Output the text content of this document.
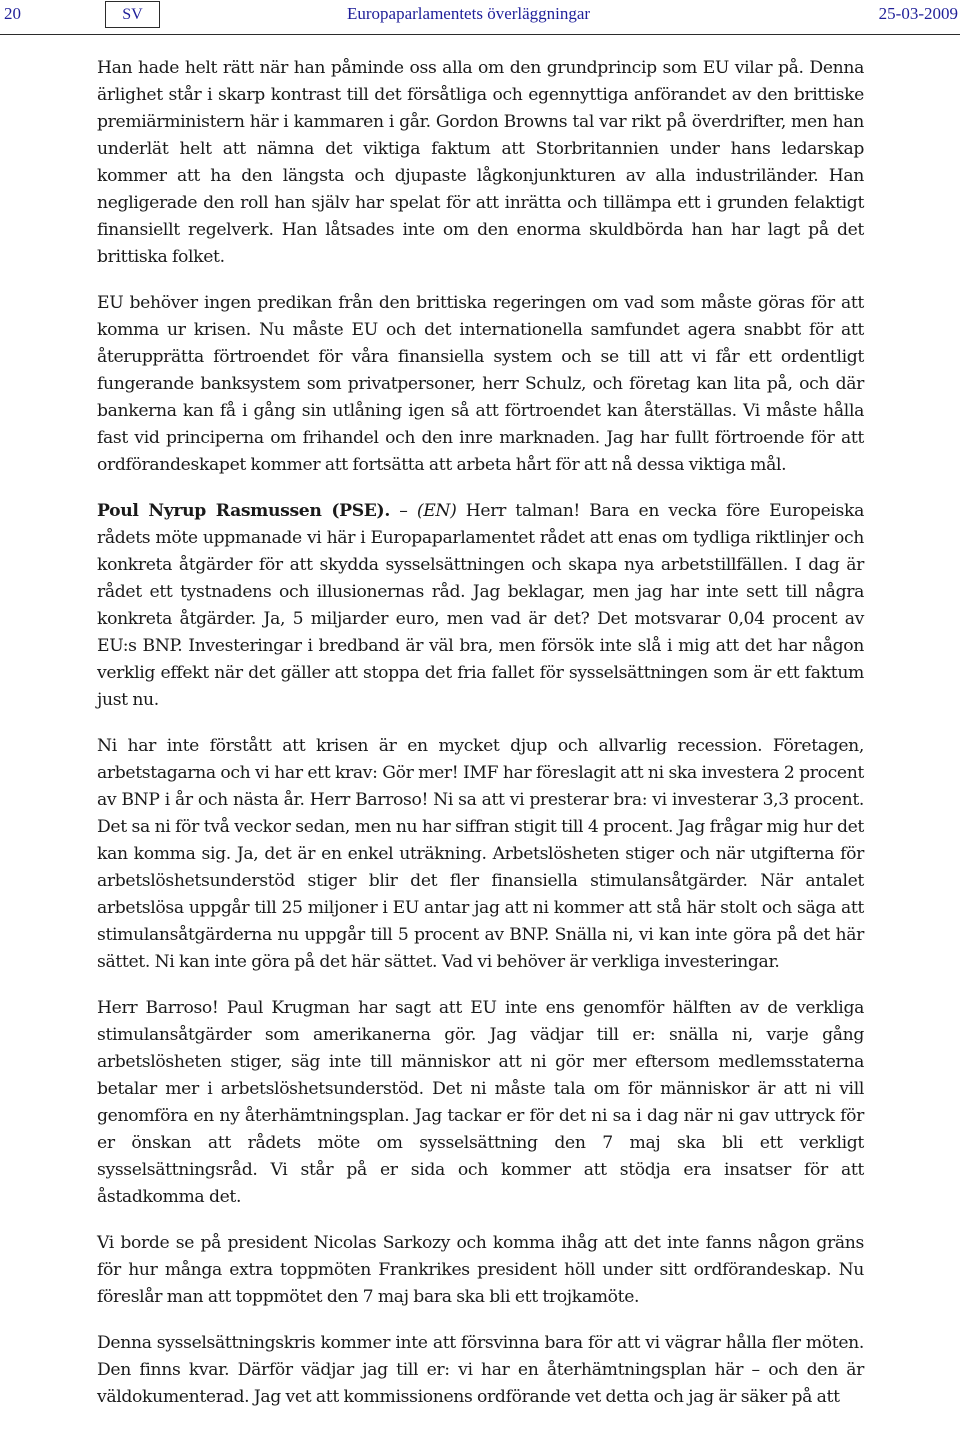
20	SV	Europaparlamentets överläggningar	25-03-2009

Han hade helt rätt när han påminde oss alla om den grundprincip som EU vilar på. Denna ärlighet står i skarp kontrast till det försåtliga och egennyttiga anförandet av den brittiske premiärministern här i kammaren i går. Gordon Browns tal var rikt på överdrifter, men han underlät helt att nämna det viktiga faktum att Storbritannien under hans ledarskap kommer att ha den längsta och djupaste lågkonjunkturen av alla industriländer. Han negligerade den roll han själv har spelat för att inrätta och tillämpa ett i grunden felaktigt finansiellt regelverk. Han låtsades inte om den enorma skuldbörda han har lagt på det brittiska folket.

EU behöver ingen predikan från den brittiska regeringen om vad som måste göras för att komma ur krisen. Nu måste EU och det internationella samfundet agera snabbt för att återupprätta förtroendet för våra finansiella system och se till att vi får ett ordentligt fungerande banksystem som privatpersoner, herr Schulz, och företag kan lita på, och där bankerna kan få i gång sin utlåning igen så att förtroendet kan återställas. Vi måste hålla fast vid principerna om frihandel och den inre marknaden. Jag har fullt förtroende för att ordförandeskapet kommer att fortsätta att arbeta hårt för att nå dessa viktiga mål.

Poul Nyrup Rasmussen (PSE). – (EN) Herr talman! Bara en vecka före Europeiska rådets möte uppmanade vi här i Europaparlamentet rådet att enas om tydliga riktlinjer och konkreta åtgärder för att skydda sysselsättningen och skapa nya arbetstillfällen. I dag är rådet ett tystnadens och illusionernas råd. Jag beklagar, men jag har inte sett till några konkreta åtgärder. Ja, 5 miljarder euro, men vad är det? Det motsvarar 0,04 procent av EU:s BNP. Investeringar i bredband är väl bra, men försök inte slå i mig att det har någon verklig effekt när det gäller att stoppa det fria fallet för sysselsättningen som är ett faktum just nu.

Ni har inte förstått att krisen är en mycket djup och allvarlig recession. Företagen, arbetstagarna och vi har ett krav: Gör mer! IMF har föreslagit att ni ska investera 2 procent av BNP i år och nästa år. Herr Barroso! Ni sa att vi presterar bra: vi investerar 3,3 procent. Det sa ni för två veckor sedan, men nu har siffran stigit till 4 procent. Jag frågar mig hur det kan komma sig. Ja, det är en enkel uträkning. Arbetslösheten stiger och när utgifterna för arbetslöshetsunderstöd stiger blir det fler finansiella stimulansåtgärder. När antalet arbetslösa uppgår till 25 miljoner i EU antar jag att ni kommer att stå här stolt och säga att stimulansåtgärderna nu uppgår till 5 procent av BNP. Snälla ni, vi kan inte göra på det här sättet. Ni kan inte göra på det här sättet. Vad vi behöver är verkliga investeringar.

Herr Barroso! Paul Krugman har sagt att EU inte ens genomför hälften av de verkliga stimulansåtgärder som amerikanerna gör. Jag vädjar till er: snälla ni, varje gång arbetslösheten stiger, säg inte till människor att ni gör mer eftersom medlemsstaterna betalar mer i arbetslöshetsunderstöd. Det ni måste tala om för människor är att ni vill genomföra en ny återhämtningsplan. Jag tackar er för det ni sa i dag när ni gav uttryck för er önskan att rådets möte om sysselsättning den 7 maj ska bli ett verkligt sysselsättningsråd. Vi står på er sida och kommer att stödja era insatser för att åstadkomma det.

Vi borde se på president Nicolas Sarkozy och komma ihåg att det inte fanns någon gräns för hur många extra toppmöten Frankrikes president höll under sitt ordförandeskap. Nu föreslår man att toppmötet den 7 maj bara ska bli ett trojkamöte.

Denna sysselsättningskris kommer inte att försvinna bara för att vi vägrar hålla fler möten. Den finns kvar. Därför vädjar jag till er: vi har en återhämtningsplan här – och den är väldokumenterad. Jag vet att kommissionens ordförande vet detta och jag är säker på att
